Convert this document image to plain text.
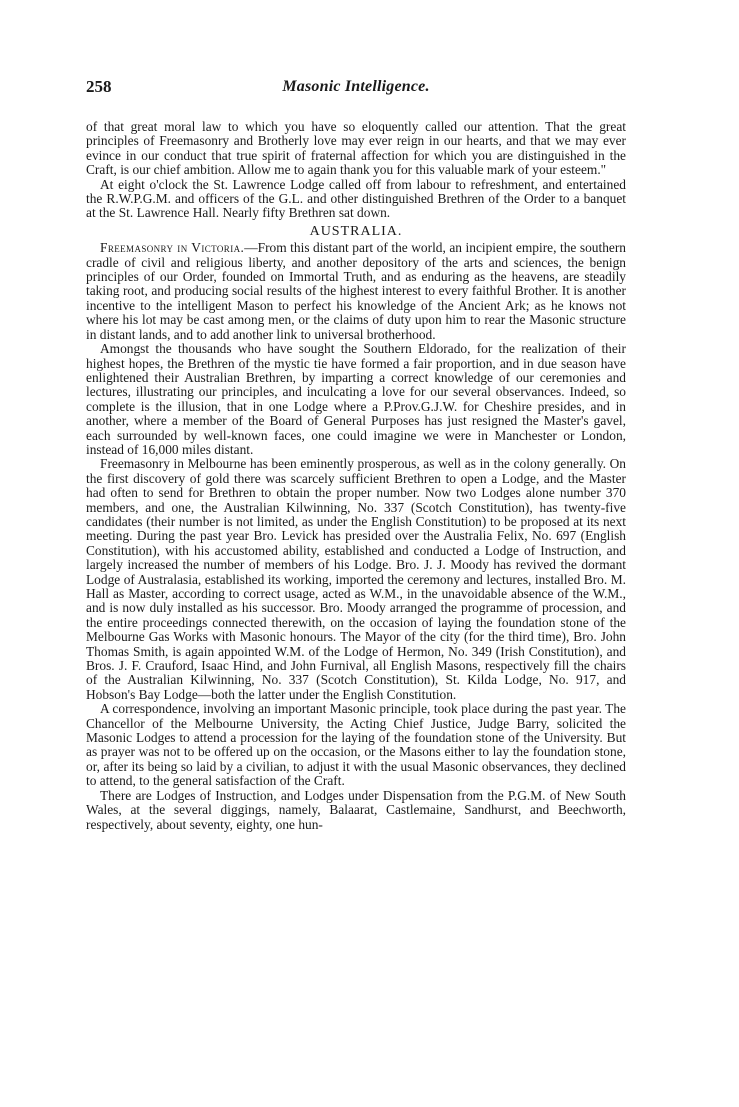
258	Masonic Intelligence.

of that great moral law to which you have so eloquently called our attention. That the great principles of Freemasonry and Brotherly love may ever reign in our hearts, and that we may ever evince in our conduct that true spirit of fraternal affection for which you are distinguished in the Craft, is our chief ambition. Allow me to again thank you for this valuable mark of your esteem."

At eight o'clock the St. Lawrence Lodge called off from labour to refreshment, and entertained the R.W.P.G.M. and officers of the G.L. and other distinguished Brethren of the Order to a banquet at the St. Lawrence Hall. Nearly fifty Brethren sat down.

AUSTRALIA.

Freemasonry in Victoria.—From this distant part of the world, an incipient empire, the southern cradle of civil and religious liberty, and another depository of the arts and sciences, the benign principles of our Order, founded on Immortal Truth, and as enduring as the heavens, are steadily taking root, and producing social results of the highest interest to every faithful Brother. It is another incentive to the intelligent Mason to perfect his knowledge of the Ancient Ark; as he knows not where his lot may be cast among men, or the claims of duty upon him to rear the Masonic structure in distant lands, and to add another link to universal brotherhood.

Amongst the thousands who have sought the Southern Eldorado, for the realization of their highest hopes, the Brethren of the mystic tie have formed a fair proportion, and in due season have enlightened their Australian Brethren, by imparting a correct knowledge of our ceremonies and lectures, illustrating our principles, and inculcating a love for our several observances. Indeed, so complete is the illusion, that in one Lodge where a P.Prov.G.J.W. for Cheshire presides, and in another, where a member of the Board of General Purposes has just resigned the Master's gavel, each surrounded by well-known faces, one could imagine we were in Manchester or London, instead of 16,000 miles distant.

Freemasonry in Melbourne has been eminently prosperous, as well as in the colony generally. On the first discovery of gold there was scarcely sufficient Brethren to open a Lodge, and the Master had often to send for Brethren to obtain the proper number. Now two Lodges alone number 370 members, and one, the Australian Kilwinning, No. 337 (Scotch Constitution), has twenty-five candidates (their number is not limited, as under the English Constitution) to be proposed at its next meeting. During the past year Bro. Levick has presided over the Australia Felix, No. 697 (English Constitution), with his accustomed ability, established and conducted a Lodge of Instruction, and largely increased the number of members of his Lodge. Bro. J. J. Moody has revived the dormant Lodge of Australasia, established its working, imported the ceremony and lectures, installed Bro. M. Hall as Master, according to correct usage, acted as W.M., in the unavoidable absence of the W.M., and is now duly installed as his successor. Bro. Moody arranged the programme of procession, and the entire proceedings connected therewith, on the occasion of laying the foundation stone of the Melbourne Gas Works with Masonic honours. The Mayor of the city (for the third time), Bro. John Thomas Smith, is again appointed W.M. of the Lodge of Hermon, No. 349 (Irish Constitution), and Bros. J. F. Crauford, Isaac Hind, and John Furnival, all English Masons, respectively fill the chairs of the Australian Kilwinning, No. 337 (Scotch Constitution), St. Kilda Lodge, No. 917, and Hobson's Bay Lodge—both the latter under the English Constitution.

A correspondence, involving an important Masonic principle, took place during the past year. The Chancellor of the Melbourne University, the Acting Chief Justice, Judge Barry, solicited the Masonic Lodges to attend a procession for the laying of the foundation stone of the University. But as prayer was not to be offered up on the occasion, or the Masons either to lay the foundation stone, or, after its being so laid by a civilian, to adjust it with the usual Masonic observances, they declined to attend, to the general satisfaction of the Craft.

There are Lodges of Instruction, and Lodges under Dispensation from the P.G.M. of New South Wales, at the several diggings, namely, Balaarat, Castlemaine, Sandhurst, and Beechworth, respectively, about seventy, eighty, one hun-
